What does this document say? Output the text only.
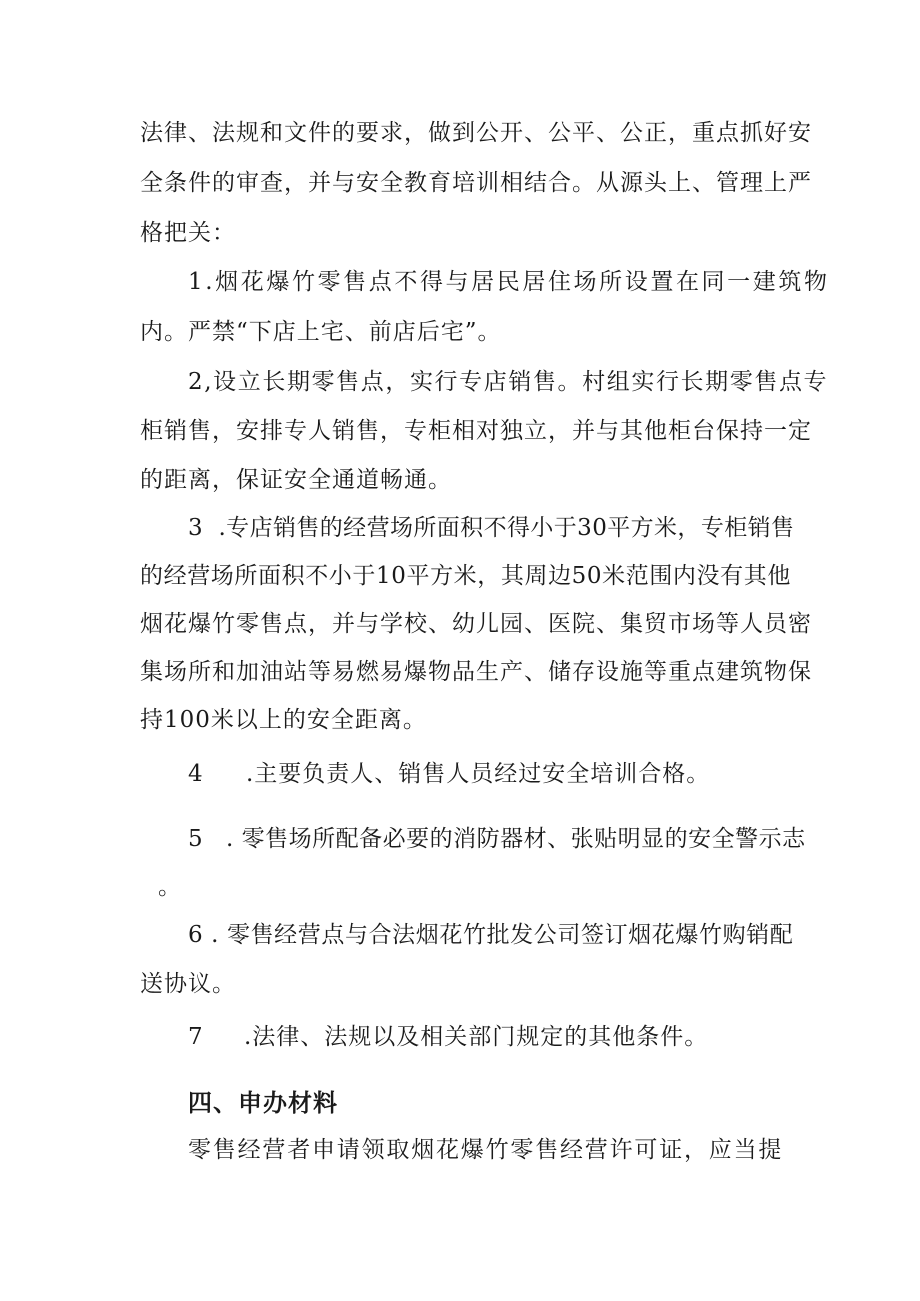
法 律 、 法 规 和 文 件 的 要 求 ， 做 到 公 开 、 公 平 、 公 正 ， 重 点 抓 好 安
全 条 件 的 审 查 ， 并 与 安 全 教 育 培 训 相 结 合 。 从 源 头 上 、 管 理 上 严
格把关：
1.烟花爆竹零售点不得与居民居住场所设置在同一建筑物
内。严禁“下店上宅、前店后宅”。
2,设立长期零售点，实行专店销售。村组实行长期零售点专
柜 销 售 ， 安 排 专 人 销 售 ， 专 柜 相 对 独 立 ， 并 与 其 他 柜 台 保 持 一 定
的距离，保证安全通道畅通。
3  .专店销售的经营场所面积不得小于30平方米，专柜销售
的经营场所面积不小于10平方米，其周边50米范围内没有其他
烟 花 爆 竹 零 售 点 ， 并 与 学 校 、 幼 儿 园 、 医 院 、 集 贸 市 场 等 人 员 密
集 场 所 和 加 油 站 等 易 燃 易 爆 物 品 生 产 、 储 存 设 施 等 重 点 建 筑 物 保
持100米以上的安全距离。
4 .主要负责人、销售人员经过安全培训合格。
5 . 零售场所配备必要的消防器材、张贴明显的安全警示志
。
6 . 零售经营点与合法烟花竹批发公司签订烟花爆竹购销配
送协议。
7 .法律、法规以及相关部门规定的其他条件。
四、申办材料
零售经营者申请领取烟花爆竹零售经营许可证，应当提
